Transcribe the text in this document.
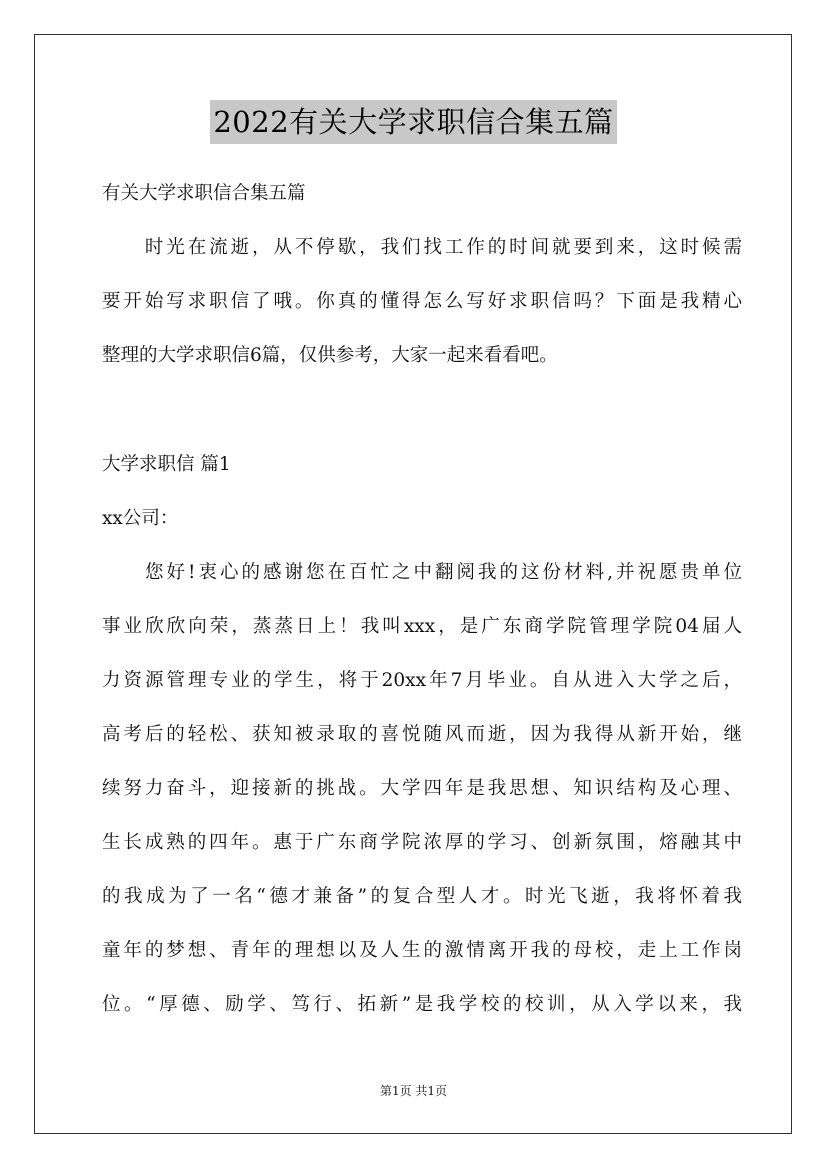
2022有关大学求职信合集五篇
有关大学求职信合集五篇
　　时光在流逝，从不停歇，我们找工作的时间就要到来，这时候需
要开始写求职信了哦。你真的懂得怎么写好求职信吗？下面是我精心
整理的大学求职信6篇，仅供参考，大家一起来看看吧。
大学求职信 篇1
xx公司：
　　您好!衷心的感谢您在百忙之中翻阅我的这份材料,并祝愿贵单位
事业欣欣向荣，蒸蒸日上！我叫xxx，是广东商学院管理学院04届人
力资源管理专业的学生，将于20xx年7月毕业。自从进入大学之后，
高考后的轻松、获知被录取的喜悦随风而逝，因为我得从新开始，继
续努力奋斗，迎接新的挑战。大学四年是我思想、知识结构及心理、
生长成熟的四年。惠于广东商学院浓厚的学习、创新氛围，熔融其中
的我成为了一名“德才兼备”的复合型人才。时光飞逝，我将怀着我
童年的梦想、青年的理想以及人生的激情离开我的母校，走上工作岗
位。“厚德、励学、笃行、拓新”是我学校的校训，从入学以来，我
第1页 共1页
